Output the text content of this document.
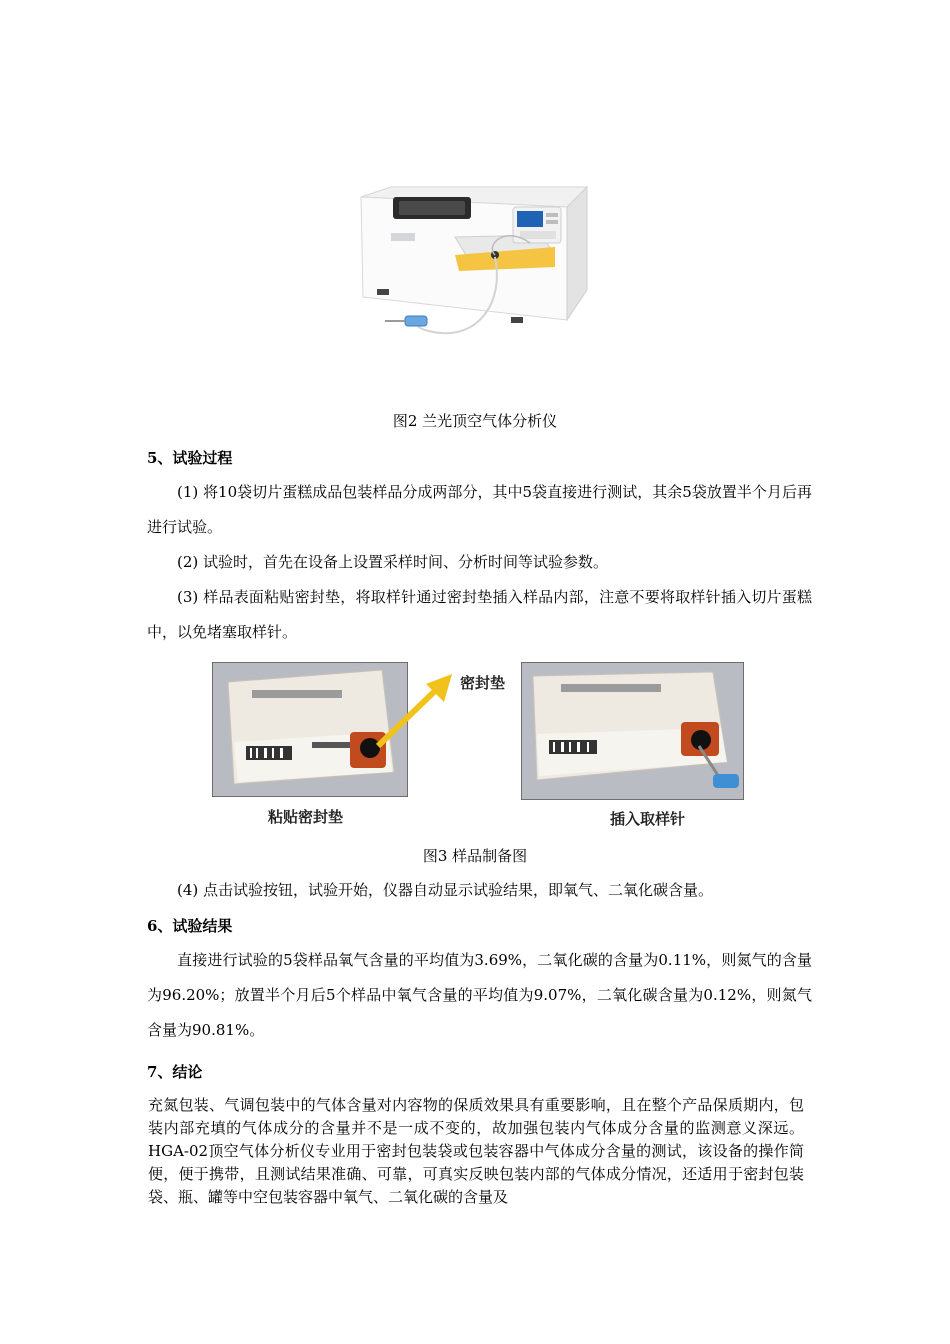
图2 兰光顶空气体分析仪
5、试验过程
(1) 将10袋切片蛋糕成品包装样品分成两部分，其中5袋直接进行测试，其余5袋放置半个月后再进行试验。
(2) 试验时，首先在设备上设置采样时间、分析时间等试验参数。
(3) 样品表面粘贴密封垫，将取样针通过密封垫插入样品内部，注意不要将取样针插入切片蛋糕中，以免堵塞取样针。
密封垫
粘贴密封垫	插入取样针
图3 样品制备图
(4) 点击试验按钮，试验开始，仪器自动显示试验结果，即氧气、二氧化碳含量。
6、试验结果
直接进行试验的5袋样品氧气含量的平均值为3.69%，二氧化碳的含量为0.11%，则氮气的含量为96.20%；放置半个月后5个样品中氧气含量的平均值为9.07%，二氧化碳含量为0.12%，则氮气含量为90.81%。
7、结论
充氮包装、气调包装中的气体含量对内容物的保质效果具有重要影响，且在整个产品保质期内，包装内部充填的气体成分的含量并不是一成不变的，故加强包装内气体成分含量的监测意义深远。HGA-02顶空气体分析仪专业用于密封包装袋或包装容器中气体成分含量的测试，该设备的操作简便，便于携带，且测试结果准确、可靠，可真实反映包装内部的气体成分情况，还适用于密封包装袋、瓶、罐等中空包装容器中氧气、二氧化碳的含量及
